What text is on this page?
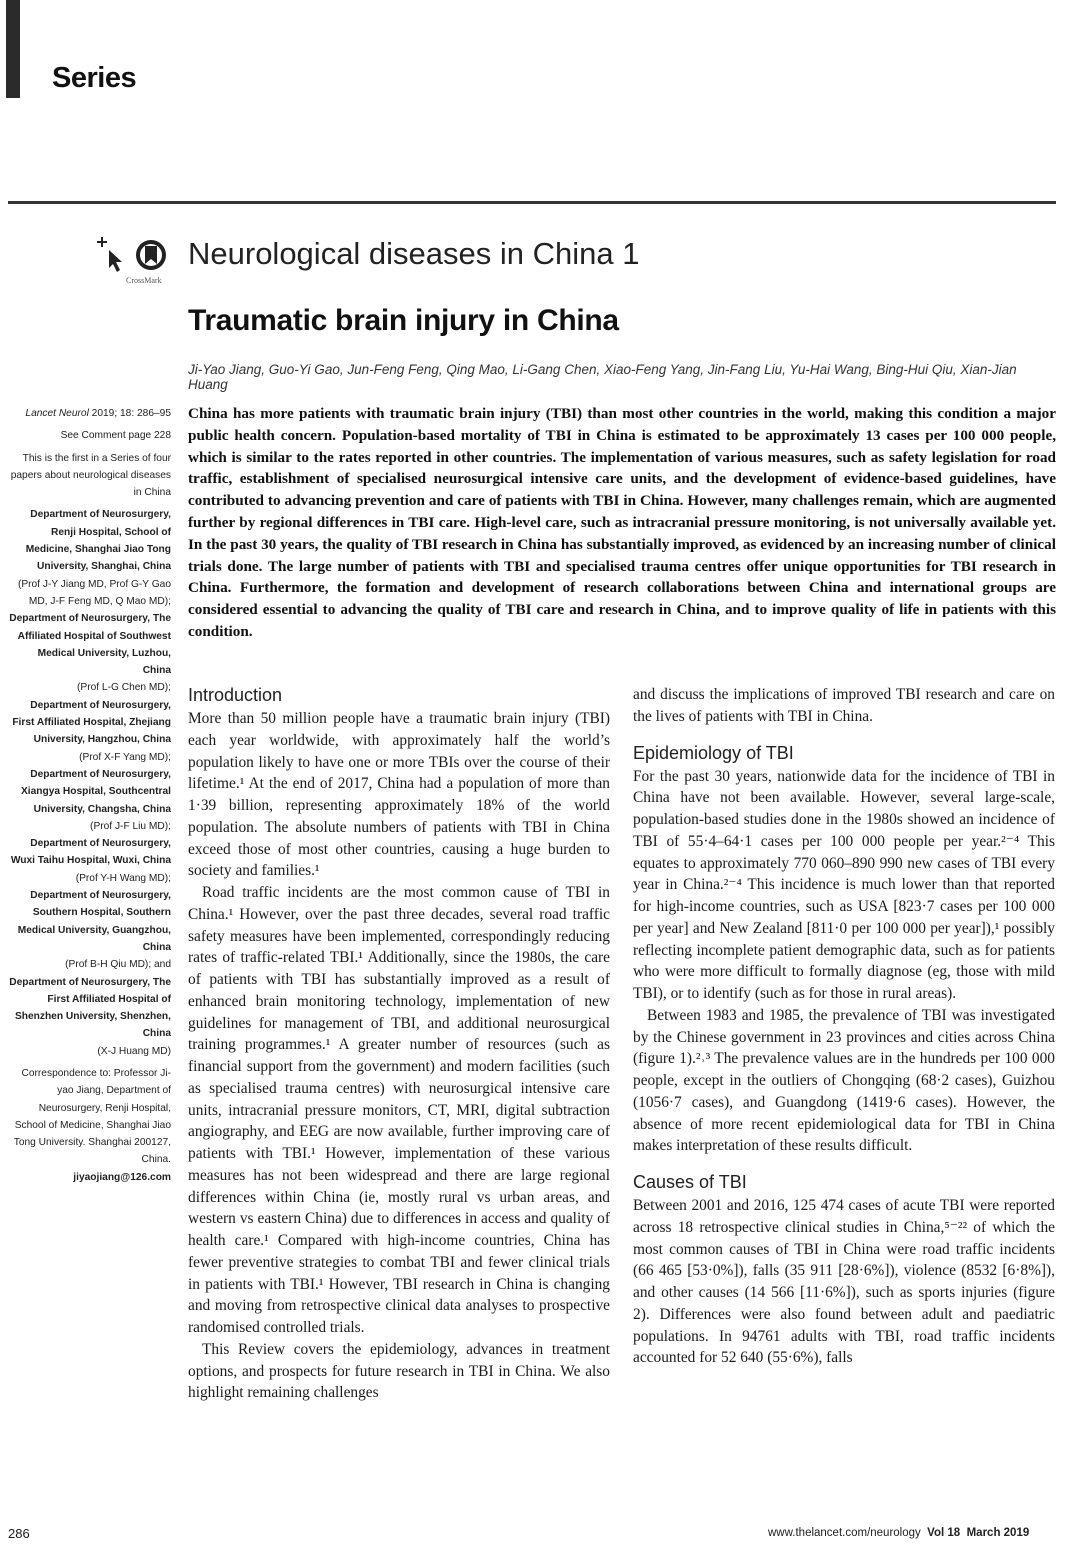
Series
CrossMark
Neurological diseases in China 1
Traumatic brain injury in China
Ji-Yao Jiang, Guo-Yi Gao, Jun-Feng Feng, Qing Mao, Li-Gang Chen, Xiao-Feng Yang, Jin-Fang Liu, Yu-Hai Wang, Bing-Hui Qiu, Xian-Jian Huang

Lancet Neurol 2019; 18: 286–95

See Comment page 228

This is the first in a Series of four papers about neurological diseases in China

Department of Neurosurgery, Renji Hospital, School of Medicine, Shanghai Jiao Tong University, Shanghai, China

(Prof J-Y Jiang MD, Prof G-Y Gao MD, J-F Feng MD, Q Mao MD);

Department of Neurosurgery, The Affiliated Hospital of Southwest Medical University, Luzhou, China

(Prof L-G Chen MD);

Department of Neurosurgery, First Affiliated Hospital, Zhejiang University, Hangzhou, China

(Prof X-F Yang MD);

Department of Neurosurgery, Xiangya Hospital, Southcentral University, Changsha, China

(Prof J-F Liu MD);

Department of Neurosurgery, Wuxi Taihu Hospital, Wuxi, China

(Prof Y-H Wang MD);

Department of Neurosurgery, Southern Hospital, Southern Medical University, Guangzhou, China

(Prof B-H Qiu MD); and

Department of Neurosurgery, The First Affiliated Hospital of Shenzhen University, Shenzhen, China

(X-J Huang MD)

Correspondence to: Professor Ji-yao Jiang, Department of Neurosurgery, Renji Hospital, School of Medicine, Shanghai Jiao Tong University. Shanghai 200127, China.

jiyaojiang@126.com

China has more patients with traumatic brain injury (TBI) than most other countries in the world, making this condition a major public health concern. Population-based mortality of TBI in China is estimated to be approximately 13 cases per 100 000 people, which is similar to the rates reported in other countries. The implementation of various measures, such as safety legislation for road traffic, establishment of specialised neurosurgical intensive care units, and the development of evidence-based guidelines, have contributed to advancing prevention and care of patients with TBI in China. However, many challenges remain, which are augmented further by regional differences in TBI care. High-level care, such as intracranial pressure monitoring, is not universally available yet. In the past 30 years, the quality of TBI research in China has substantially improved, as evidenced by an increasing number of clinical trials done. The large number of patients with TBI and specialised trauma centres offer unique opportunities for TBI research in China. Furthermore, the formation and development of research collaborations between China and international groups are considered essential to advancing the quality of TBI care and research in China, and to improve quality of life in patients with this condition.

Introduction

More than 50 million people have a traumatic brain injury (TBI) each year worldwide, with approximately half the world’s population likely to have one or more TBIs over the course of their lifetime.¹ At the end of 2017, China had a population of more than 1·39 billion, representing approximately 18% of the world population. The absolute numbers of patients with TBI in China exceed those of most other countries, causing a huge burden to society and families.¹

Road traffic incidents are the most common cause of TBI in China.¹ However, over the past three decades, several road traffic safety measures have been implemented, correspondingly reducing rates of traffic-related TBI.¹ Additionally, since the 1980s, the care of patients with TBI has substantially improved as a result of enhanced brain monitoring technology, implementation of new guidelines for management of TBI, and additional neurosurgical training programmes.¹ A greater number of resources (such as financial support from the government) and modern facilities (such as specialised trauma centres) with neurosurgical intensive care units, intracranial pressure monitors, CT, MRI, digital subtraction angiography, and EEG are now available, further improving care of patients with TBI.¹ However, implementation of these various measures has not been widespread and there are large regional differences within China (ie, mostly rural vs urban areas, and western vs eastern China) due to differences in access and quality of health care.¹ Compared with high-income countries, China has fewer preventive strategies to combat TBI and fewer clinical trials in patients with TBI.¹ However, TBI research in China is changing and moving from retrospective clinical data analyses to prospective randomised controlled trials.

This Review covers the epidemiology, advances in treatment options, and prospects for future research in TBI in China. We also highlight remaining challenges

and discuss the implications of improved TBI research and care on the lives of patients with TBI in China.

Epidemiology of TBI

For the past 30 years, nationwide data for the incidence of TBI in China have not been available. However, several large-scale, population-based studies done in the 1980s showed an incidence of TBI of 55·4–64·1 cases per 100 000 people per year.²⁻⁴ This equates to approximately 770 060–890 990 new cases of TBI every year in China.²⁻⁴ This incidence is much lower than that reported for high-income countries, such as USA [823·7 cases per 100 000 per year] and New Zealand [811·0 per 100 000 per year]),¹ possibly reflecting incomplete patient demographic data, such as for patients who were more difficult to formally diagnose (eg, those with mild TBI), or to identify (such as for those in rural areas).

Between 1983 and 1985, the prevalence of TBI was investigated by the Chinese government in 23 provinces and cities across China (figure 1).²˒³ The prevalence values are in the hundreds per 100 000 people, except in the outliers of Chongqing (68·2 cases), Guizhou (1056·7 cases), and Guangdong (1419·6 cases). However, the absence of more recent epidemiological data for TBI in China makes interpretation of these results difficult.

Causes of TBI

Between 2001 and 2016, 125 474 cases of acute TBI were reported across 18 retrospective clinical studies in China,⁵⁻²² of which the most common causes of TBI in China were road traffic incidents (66 465 [53·0%]), falls (35 911 [28·6%]), violence (8532 [6·8%]), and other causes (14 566 [11·6%]), such as sports injuries (figure 2). Differences were also found between adult and paediatric populations. In 94761 adults with TBI, road traffic incidents accounted for 52 640 (55·6%), falls

286	www.thelancet.com/neurology Vol 18 March 2019
